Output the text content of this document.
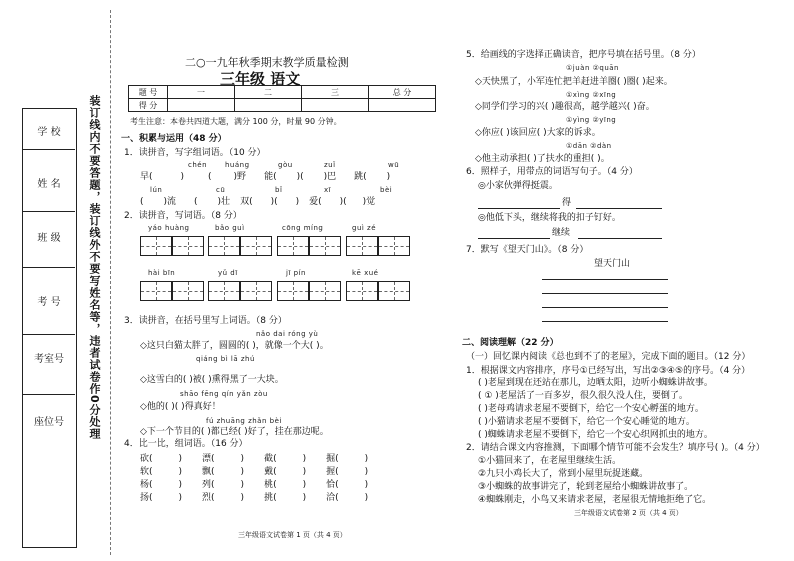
学 校
姓 名
班 级
考 号
考室号
座位号	装订线内不要答题，装订线外不要写姓名等，违者试卷作0分处理
二○一九年秋季期末教学质量检测
三年级 语文
题 号	一	二	三	总 分
得 分				
考生注意：本卷共四道大题，满分 100 分，时量 90 分钟。
一、积累与运用（48 分）
1．读拼音，写字组词语。（10 分）
chén	huáng	gòu	zuǐ	wū
早(	)	( )野 能( )( )巴 跳( )
lún	cū	bǐ	xī	bèi
( )流 ( )壮 双( )( ) 爱( )( )觉
2．读拼音，写词语。（8 分）
yáo huàng	bǎo guì	cōng míng	guì zé
hài bīn	yǔ dī	jī pín	kē xué
3．读拼音，在括号里写上词语。（8 分）
nǎo dai róng yù
◇这只白猫太胖了，圆圆的( )，就像一个大( )。
qiáng bì lā zhú
◇这雪白的( )被( )熏得黑了一大块。
shāo fēng qín yǎn zòu
◇他的( )( )得真好！
fú zhuāng zhǎn bèi
◇下一个节目的( )都已经( )好了，挂在那边呢。
4．比一比，组词语。（16 分）
砍(	) 漂(	) 截(	) 掘(	)
软(	) 飘(	) 戴(	) 握(	)
杨(	) 列(	) 桃(	) 恰(	)
扬(	) 烈(	) 挑(	) 洽(	)
三年级语文试卷第 1 页（共 4 页）
5．给画线的字选择正确读音，把序号填在括号里。（8 分）
①juàn ②quān
◇天快黑了，小军连忙把羊赶进羊圈( )圈( )起来。
①xìng ②xīng
◇同学们学习的兴( )趣很高，越学越兴( )奋。
①yìng ②yīng
◇你应( )该回应( )大家的诉求。
①dān ②dàn
◇他主动承担( )了扶水的重担( )。
6．照样子，用带点的词语写句子。（4 分）
◎小家伙弹得挺震。
得
◎他低下头，继续将我的扣子钉好。
继续
7．默写《望天门山》。（8 分）
望天门山
二、阅读理解（22 分）
（一）回忆课内阅读《总也到不了的老屋》，完成下面的题目。（12 分）
1．根据课文内容排序，序号①已经写出，写出②③④⑤的序号。（4 分）
( )老屋到现在还站在那儿，边晒太阳，边听小蜘蛛讲故事。
( ① )老屋活了一百多岁，很久很久没人住，要倒了。
( )老母鸡请求老屋不要倒下，给它一个安心孵蛋的地方。
( )小猫请求老屋不要倒下，给它一个安心睡觉的地方。
( )蜘蛛请求老屋不要倒下，给它一个安心织网抓虫的地方。
2．请结合课文内容推测，下面哪个情节可能不会发生？填序号( )。（4 分）
①小猫回来了，在老屋里继续生活。
②九只小鸡长大了，常到小屋里玩捉迷藏。
③小蜘蛛的故事讲完了，轮到老屋给小蜘蛛讲故事了。
④蜘蛛刚走，小鸟又来请求老屋，老屋很无情地拒绝了它。
三年级语文试卷第 2 页（共 4 页）
